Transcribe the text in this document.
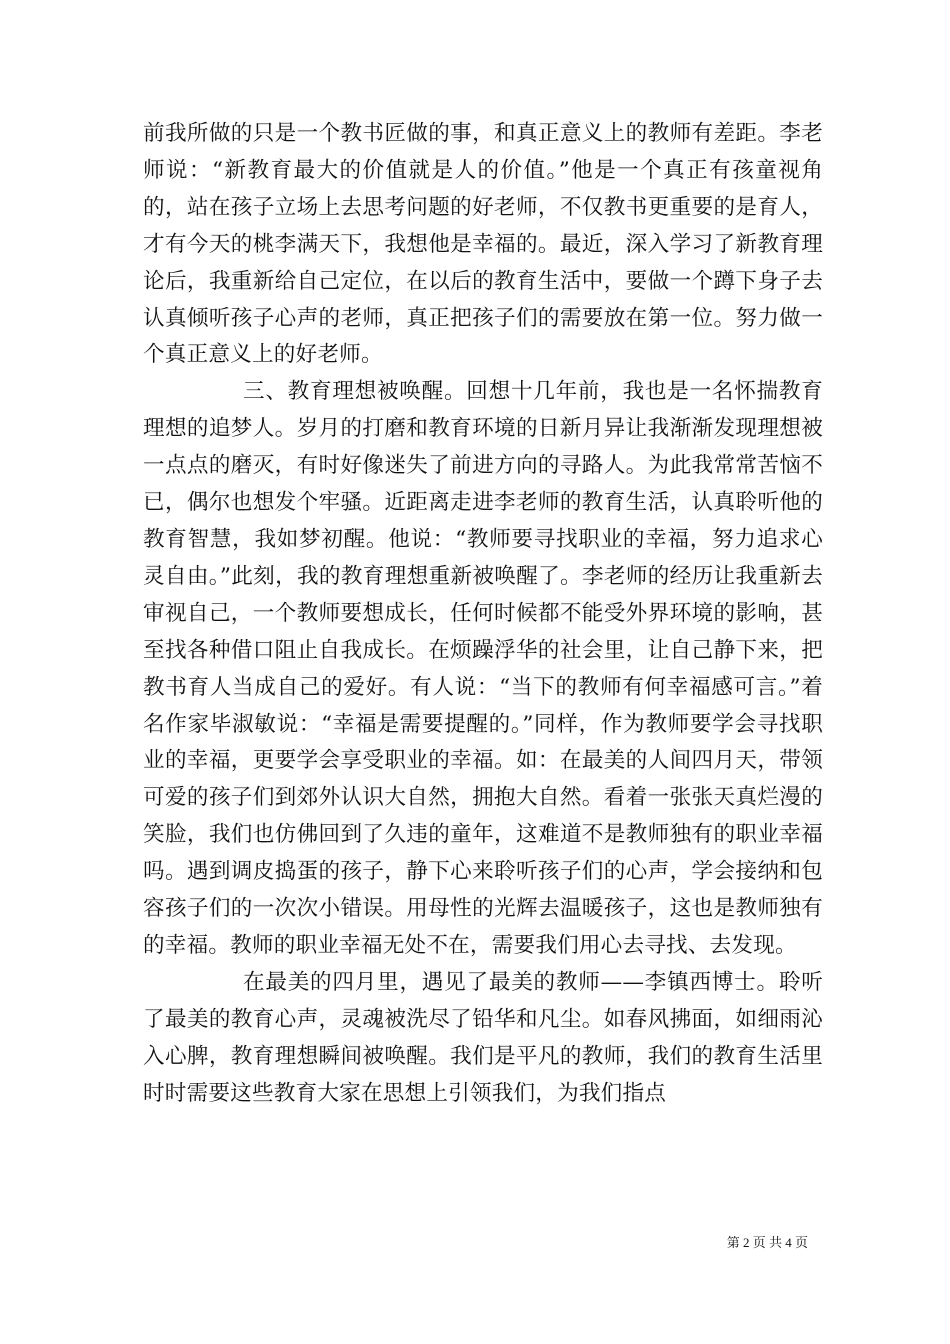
前我所做的只是一个教书匠做的事，和真正意义上的教师有差距。李老师说：“新教育最大的价值就是人的价值。”他是一个真正有孩童视角的，站在孩子立场上去思考问题的好老师，不仅教书更重要的是育人，才有今天的桃李满天下，我想他是幸福的。最近，深入学习了新教育理论后，我重新给自己定位，在以后的教育生活中，要做一个蹲下身子去认真倾听孩子心声的老师，真正把孩子们的需要放在第一位。努力做一个真正意义上的好老师。

三、教育理想被唤醒。回想十几年前，我也是一名怀揣教育理想的追梦人。岁月的打磨和教育环境的日新月异让我渐渐发现理想被一点点的磨灭，有时好像迷失了前进方向的寻路人。为此我常常苦恼不已，偶尔也想发个牢骚。近距离走进李老师的教育生活，认真聆听他的教育智慧，我如梦初醒。他说：“教师要寻找职业的幸福，努力追求心灵自由。”此刻，我的教育理想重新被唤醒了。李老师的经历让我重新去审视自己，一个教师要想成长，任何时候都不能受外界环境的影响，甚至找各种借口阻止自我成长。在烦躁浮华的社会里，让自己静下来，把教书育人当成自己的爱好。有人说：“当下的教师有何幸福感可言。”着名作家毕淑敏说：“幸福是需要提醒的。”同样，作为教师要学会寻找职业的幸福，更要学会享受职业的幸福。如：在最美的人间四月天，带领可爱的孩子们到郊外认识大自然，拥抱大自然。看着一张张天真烂漫的笑脸，我们也仿佛回到了久违的童年，这难道不是教师独有的职业幸福吗。遇到调皮捣蛋的孩子，静下心来聆听孩子们的心声，学会接纳和包容孩子们的一次次小错误。用母性的光辉去温暖孩子，这也是教师独有的幸福。教师的职业幸福无处不在，需要我们用心去寻找、去发现。

在最美的四月里，遇见了最美的教师——李镇西博士。聆听了最美的教育心声，灵魂被洗尽了铅华和凡尘。如春风拂面，如细雨沁入心脾，教育理想瞬间被唤醒。我们是平凡的教师，我们的教育生活里时时需要这些教育大家在思想上引领我们，为我们指点

第 2 页 共 4 页
